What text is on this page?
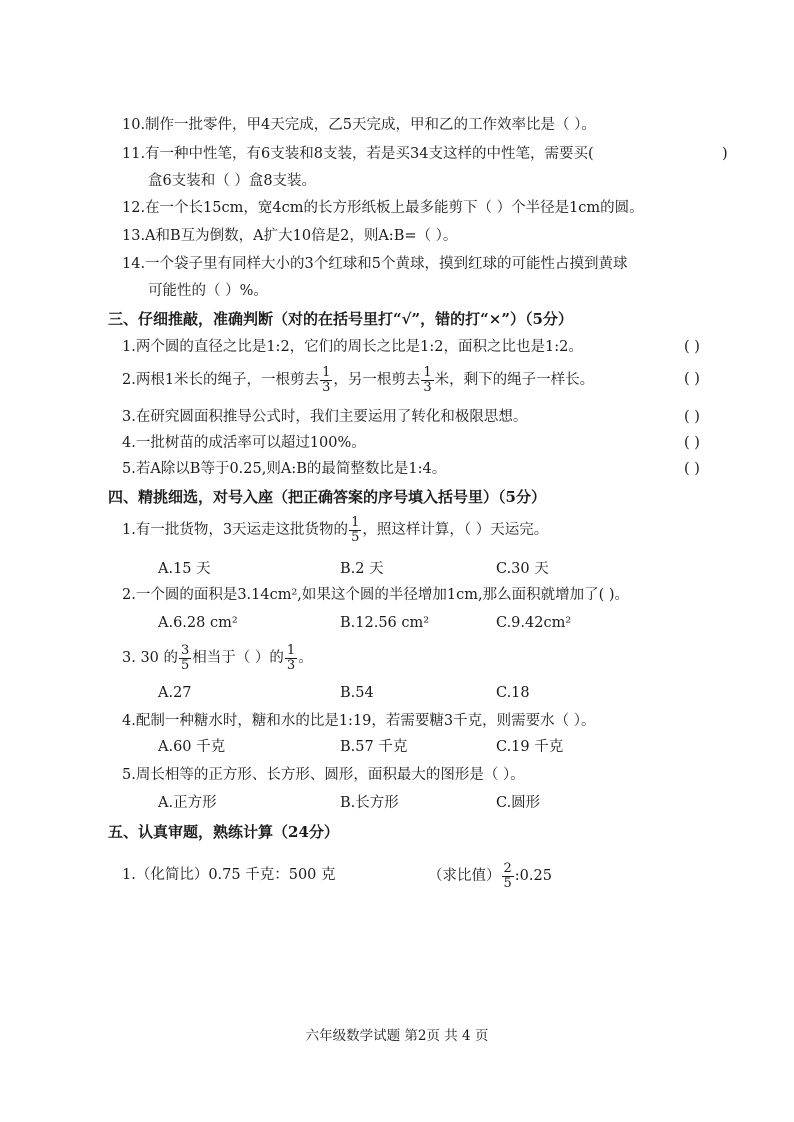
10.制作一批零件，甲4天完成，乙5天完成，甲和乙的工作效率比是（ ）。
11.有一种中性笔，有6支装和8支装，若是买34支这样的中性笔，需要买(	)
盒6支装和（ ）盒8支装。
12.在一个长15cm，宽4cm的长方形纸板上最多能剪下（ ）个半径是1cm的圆。
13.A和B互为倒数，A扩大10倍是2，则A:B=（ ）。
14.一个袋子里有同样大小的3个红球和5个黄球，摸到红球的可能性占摸到黄球
可能性的（ ）%。
三、仔细推敲，准确判断（对的在括号里打“√”，错的打“×”）（5分）
1.两个圆的直径之比是1:2，它们的周长之比是1:2，面积之比也是1:2。	( )
2.两根1米长的绳子，一根剪去 $\frac{1}{3}$ ，另一根剪去 $\frac{1}{3}$ 米，剩下的绳子一样长。	( )
3.在研究圆面积推导公式时，我们主要运用了转化和极限思想。	( )
4.一批树苗的成活率可以超过100%。	( )
5.若A除以B等于0.25,则A:B的最简整数比是1:4。	( )
四、精挑细选，对号入座（把正确答案的序号填入括号里）（5分）
1.有一批货物，3天运走这批货物的 $\frac{1}{5}$ ，照这样计算，（ ）天运完。
A.15 天	B.2 天	C.30 天
2.一个圆的面积是3.14cm²,如果这个圆的半径增加1cm,那么面积就增加了( )。
A.6.28 cm²	B.12.56 cm²	C.9.42cm²
3. 30 的 $\frac{3}{5}$ 相当于（ ）的 $\frac{1}{3}$ 。
A.27	B.54	C.18
4.配制一种糖水时，糖和水的比是1:19，若需要糖3千克，则需要水（ ）。
A.60 千克	B.57 千克	C.19 千克
5.周长相等的正方形、长方形、圆形，面积最大的图形是（ ）。
A.正方形	B.长方形	C.圆形
五、认真审题，熟练计算（24分）
1.（化简比）0.75 千克：500 克	（求比值） $\frac{2}{5}$ :0.25
六年级数学试题 第2页 共 4 页
